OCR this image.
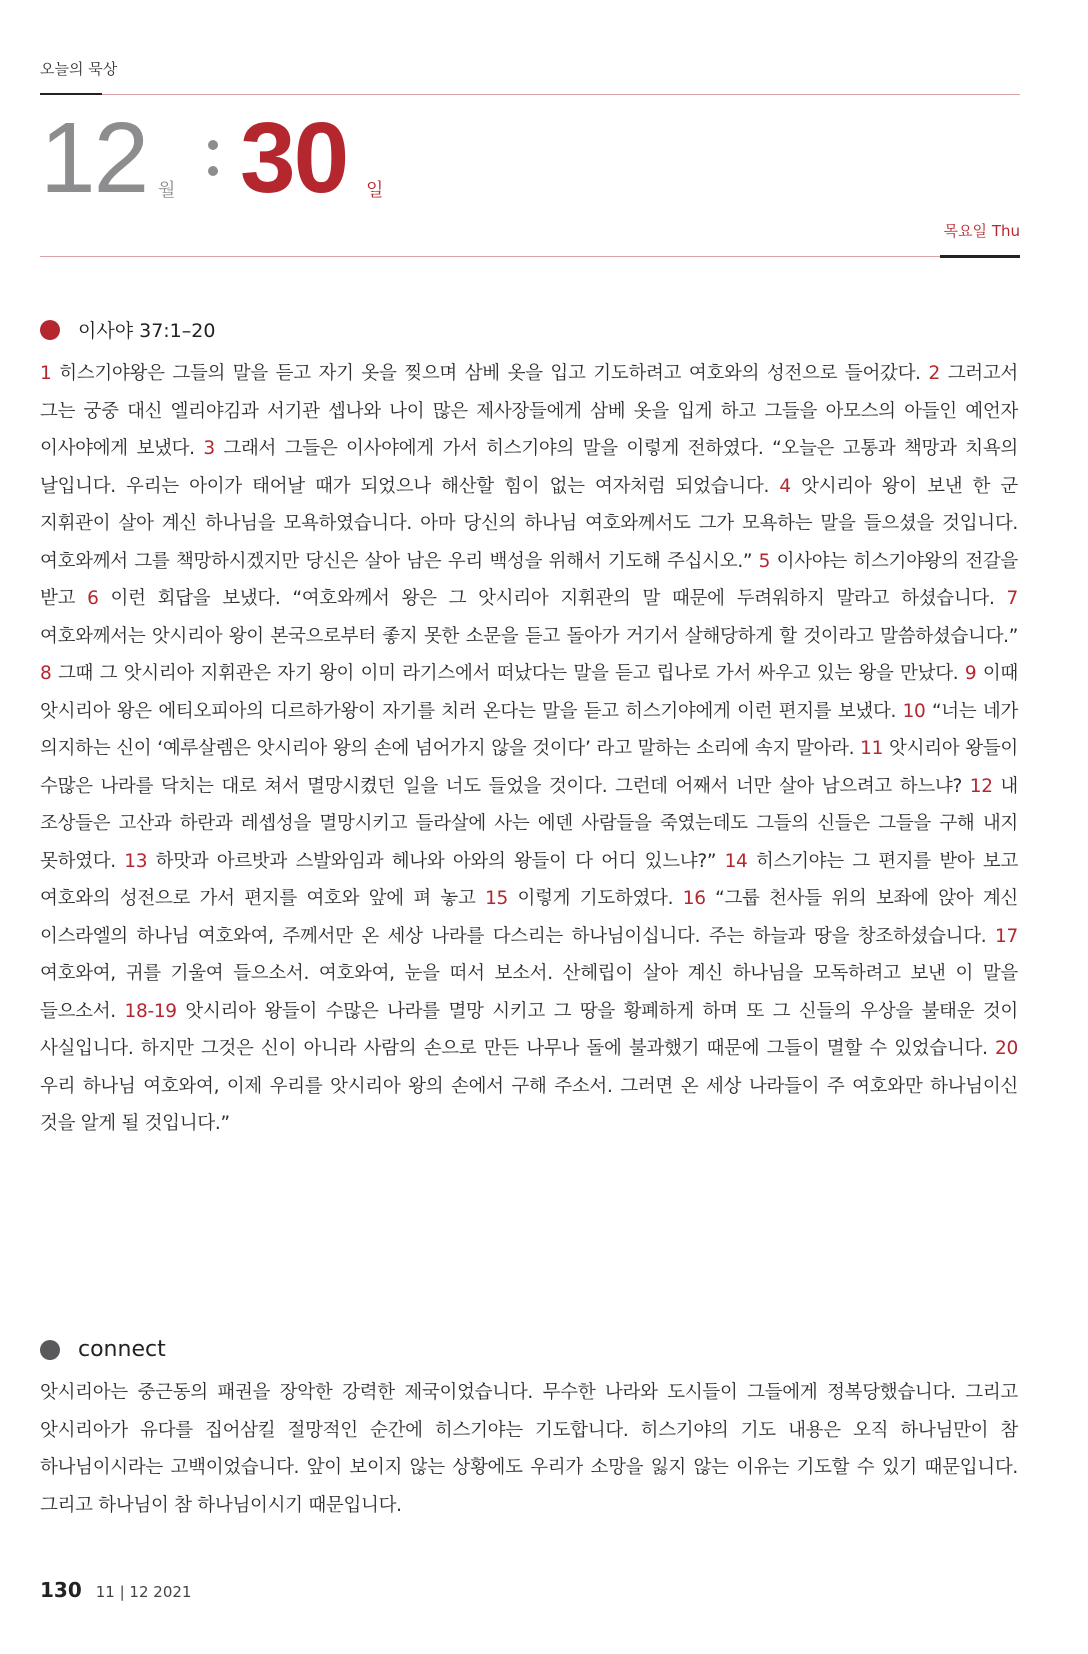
오늘의 묵상
12 월 30 일
목요일 Thu
이사야 37:1–20
1 히스기야왕은 그들의 말을 듣고 자기 옷을 찢으며 삼베 옷을 입고 기도하려고 여호와의 성전으로 들어갔다. 2 그러고서 그는 궁중 대신 엘리야김과 서기관 셉나와 나이 많은 제사장들에게 삼베 옷을 입게 하고 그들을 아모스의 아들인 예언자 이사야에게 보냈다. 3 그래서 그들은 이사야에게 가서 히스기야의 말을 이렇게 전하였다. “오늘은 고통과 책망과 치욕의 날입니다. 우리는 아이가 태어날 때가 되었으나 해산할 힘이 없는 여자처럼 되었습니다. 4 앗시리아 왕이 보낸 한 군 지휘관이 살아 계신 하나님을 모욕하였습니다. 아마 당신의 하나님 여호와께서도 그가 모욕하는 말을 들으셨을 것입니다. 여호와께서 그를 책망하시겠지만 당신은 살아 남은 우리 백성을 위해서 기도해 주십시오.” 5 이사야는 히스기야왕의 전갈을 받고 6 이런 회답을 보냈다. “여호와께서 왕은 그 앗시리아 지휘관의 말 때문에 두려워하지 말라고 하셨습니다. 7 여호와께서는 앗시리아 왕이 본국으로부터 좋지 못한 소문을 듣고 돌아가 거기서 살해당하게 할 것이라고 말씀하셨습니다.” 8 그때 그 앗시리아 지휘관은 자기 왕이 이미 라기스에서 떠났다는 말을 듣고 립나로 가서 싸우고 있는 왕을 만났다. 9 이때 앗시리아 왕은 에티오피아의 디르하가왕이 자기를 치러 온다는 말을 듣고 히스기야에게 이런 편지를 보냈다. 10 “너는 네가 의지하는 신이 ‘예루살렘은 앗시리아 왕의 손에 넘어가지 않을 것이다’ 라고 말하는 소리에 속지 말아라. 11 앗시리아 왕들이 수많은 나라를 닥치는 대로 쳐서 멸망시켰던 일을 너도 들었을 것이다. 그런데 어째서 너만 살아 남으려고 하느냐? 12 내 조상들은 고산과 하란과 레셉성을 멸망시키고 들라살에 사는 에덴 사람들을 죽였는데도 그들의 신들은 그들을 구해 내지 못하였다. 13 하맛과 아르밧과 스발와임과 헤나와 아와의 왕들이 다 어디 있느냐?” 14 히스기야는 그 편지를 받아 보고 여호와의 성전으로 가서 편지를 여호와 앞에 펴 놓고 15 이렇게 기도하였다. 16 “그룹 천사들 위의 보좌에 앉아 계신 이스라엘의 하나님 여호와여, 주께서만 온 세상 나라를 다스리는 하나님이십니다. 주는 하늘과 땅을 창조하셨습니다. 17 여호와여, 귀를 기울여 들으소서. 여호와여, 눈을 떠서 보소서. 산헤립이 살아 계신 하나님을 모독하려고 보낸 이 말을 들으소서. 18-19 앗시리아 왕들이 수많은 나라를 멸망 시키고 그 땅을 황폐하게 하며 또 그 신들의 우상을 불태운 것이 사실입니다. 하지만 그것은 신이 아니라 사람의 손으로 만든 나무나 돌에 불과했기 때문에 그들이 멸할 수 있었습니다. 20 우리 하나님 여호와여, 이제 우리를 앗시리아 왕의 손에서 구해 주소서. 그러면 온 세상 나라들이 주 여호와만 하나님이신 것을 알게 될 것입니다.”
connect
앗시리아는 중근동의 패권을 장악한 강력한 제국이었습니다. 무수한 나라와 도시들이 그들에게 정복당했습니다. 그리고 앗시리아가 유다를 집어삼킬 절망적인 순간에 히스기야는 기도합니다. 히스기야의 기도 내용은 오직 하나님만이 참 하나님이시라는 고백이었습니다. 앞이 보이지 않는 상황에도 우리가 소망을 잃지 않는 이유는 기도할 수 있기 때문입니다. 그리고 하나님이 참 하나님이시기 때문입니다.
130 11 | 12 2021
